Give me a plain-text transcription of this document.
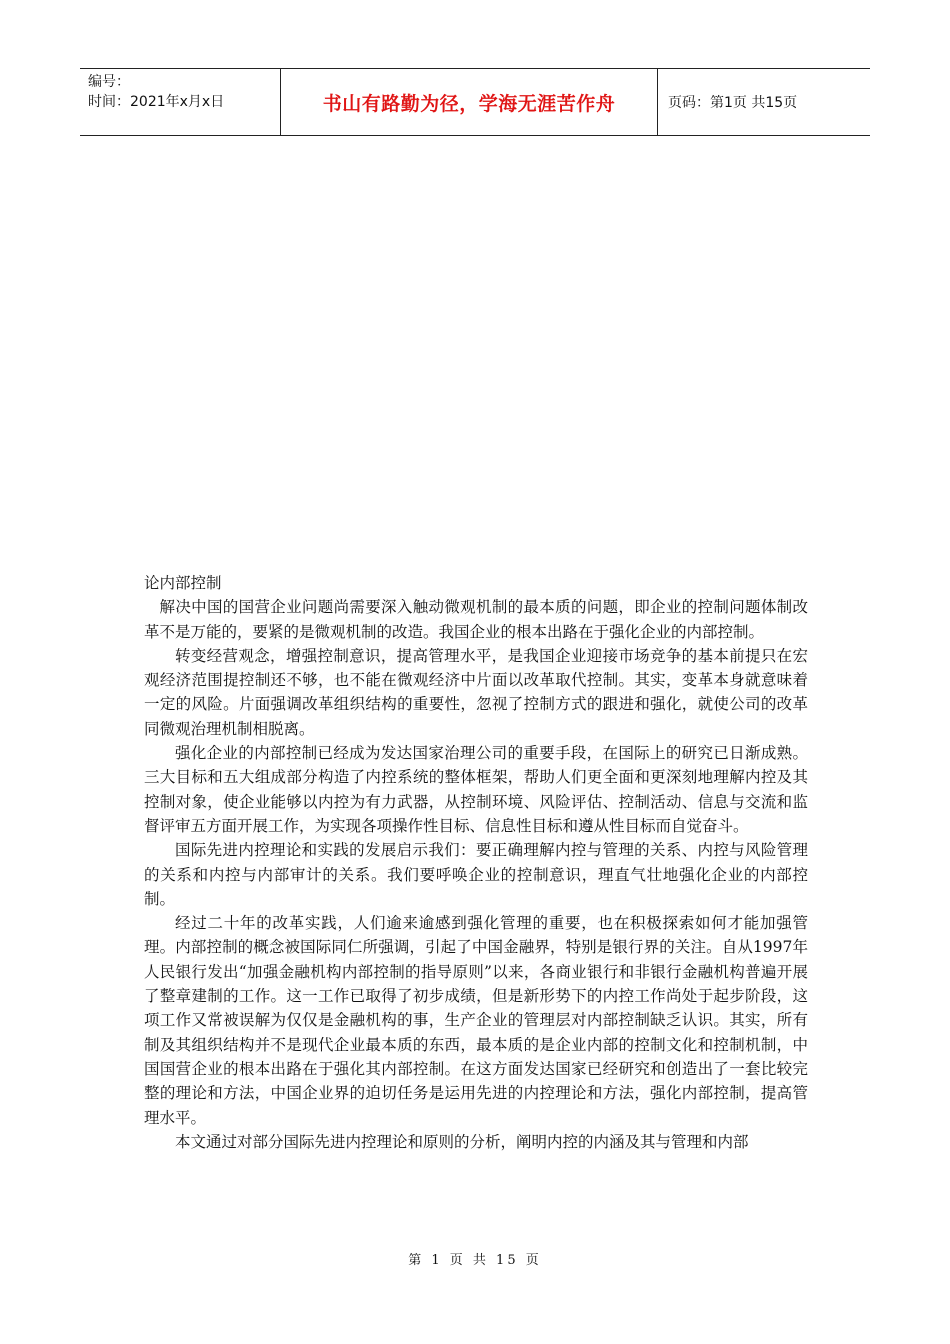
编号：
时间：2021年x月x日	书山有路勤为径，学海无涯苦作舟	页码：第1页 共15页

论内部控制

解决中国的国营企业问题尚需要深入触动微观机制的最本质的问题，即企业的控制问题体制改革不是万能的，要紧的是微观机制的改造。我国企业的根本出路在于强化企业的内部控制。

转变经营观念，增强控制意识，提高管理水平，是我国企业迎接市场竞争的基本前提只在宏观经济范围提控制还不够，也不能在微观经济中片面以改革取代控制。其实，变革本身就意味着一定的风险。片面强调改革组织结构的重要性，忽视了控制方式的跟进和强化，就使公司的改革同微观治理机制相脱离。

强化企业的内部控制已经成为发达国家治理公司的重要手段，在国际上的研究已日渐成熟。三大目标和五大组成部分构造了内控系统的整体框架，帮助人们更全面和更深刻地理解内控及其控制对象，使企业能够以内控为有力武器，从控制环境、风险评估、控制活动、信息与交流和监督评审五方面开展工作，为实现各项操作性目标、信息性目标和遵从性目标而自觉奋斗。

国际先进内控理论和实践的发展启示我们：要正确理解内控与管理的关系、内控与风险管理的关系和内控与内部审计的关系。我们要呼唤企业的控制意识，理直气壮地强化企业的内部控制。

经过二十年的改革实践，人们逾来逾感到强化管理的重要，也在积极探索如何才能加强管理。内部控制的概念被国际同仁所强调，引起了中国金融界，特别是银行界的关注。自从1997年人民银行发出“加强金融机构内部控制的指导原则”以来，各商业银行和非银行金融机构普遍开展了整章建制的工作。这一工作已取得了初步成绩，但是新形势下的内控工作尚处于起步阶段，这项工作又常被误解为仅仅是金融机构的事，生产企业的管理层对内部控制缺乏认识。其实，所有制及其组织结构并不是现代企业最本质的东西，最本质的是企业内部的控制文化和控制机制，中国国营企业的根本出路在于强化其内部控制。在这方面发达国家已经研究和创造出了一套比较完整的理论和方法，中国企业界的迫切任务是运用先进的内控理论和方法，强化内部控制，提高管理水平。

本文通过对部分国际先进内控理论和原则的分析，阐明内控的内涵及其与管理和内部

第 1 页 共 15 页
